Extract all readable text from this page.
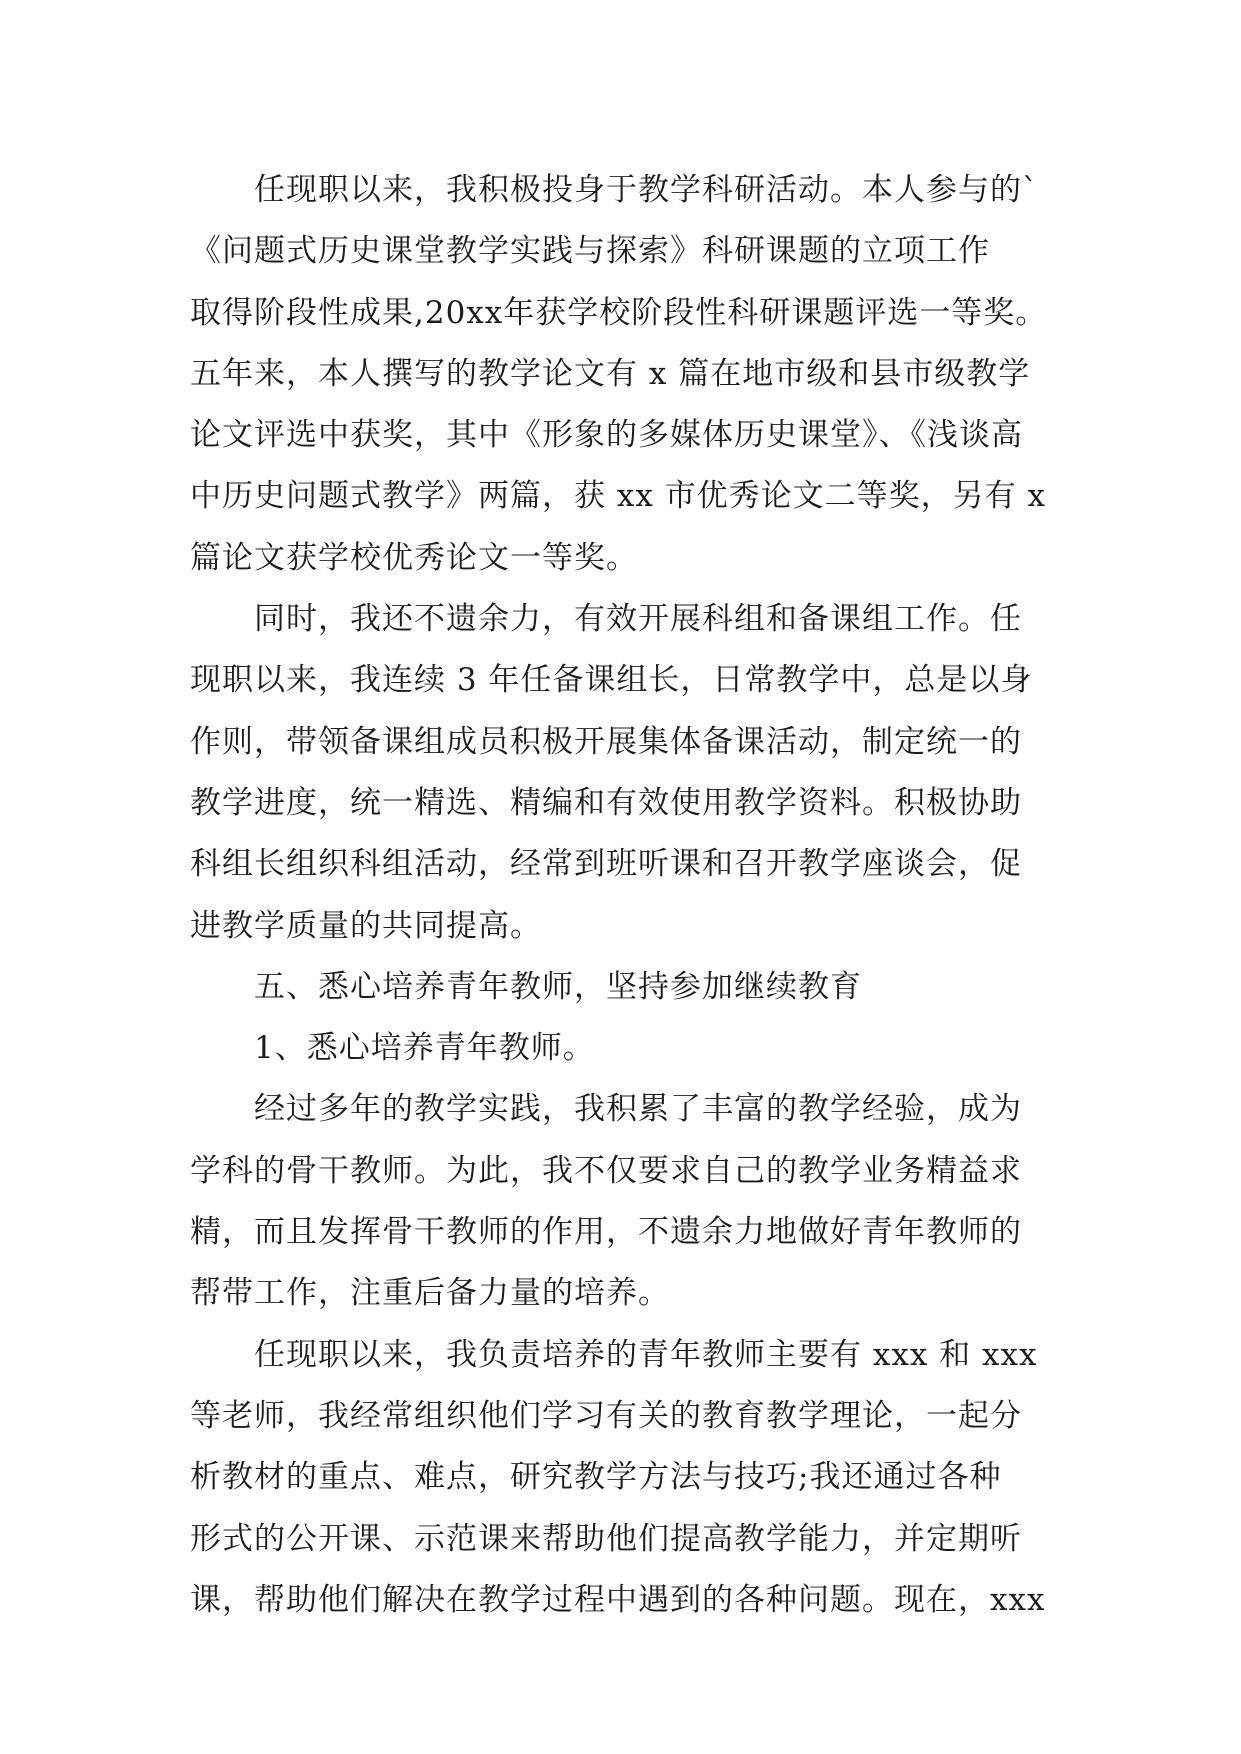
任现职以来，我积极投身于教学科研活动。本人参与的`
《问题式历史课堂教学实践与探索》科研课题的立项工作
取得阶段性成果,20xx年获学校阶段性科研课题评选一等奖。
五年来，本人撰写的教学论文有 x 篇在地市级和县市级教学
论文评选中获奖，其中《形象的多媒体历史课堂》、《浅谈高
中历史问题式教学》两篇，获 xx 市优秀论文二等奖，另有 x
篇论文获学校优秀论文一等奖。
同时，我还不遗余力，有效开展科组和备课组工作。任
现职以来，我连续 3 年任备课组长，日常教学中，总是以身
作则，带领备课组成员积极开展集体备课活动，制定统一的
教学进度，统一精选、精编和有效使用教学资料。积极协助
科组长组织科组活动，经常到班听课和召开教学座谈会，促
进教学质量的共同提高。
五、悉心培养青年教师，坚持参加继续教育
1、悉心培养青年教师。
经过多年的教学实践，我积累了丰富的教学经验，成为
学科的骨干教师。为此，我不仅要求自己的教学业务精益求
精，而且发挥骨干教师的作用，不遗余力地做好青年教师的
帮带工作，注重后备力量的培养。
任现职以来，我负责培养的青年教师主要有 xxx 和 xxx
等老师，我经常组织他们学习有关的教育教学理论，一起分
析教材的重点、难点，研究教学方法与技巧;我还通过各种
形式的公开课、示范课来帮助他们提高教学能力，并定期听
课，帮助他们解决在教学过程中遇到的各种问题。现在，xxx
